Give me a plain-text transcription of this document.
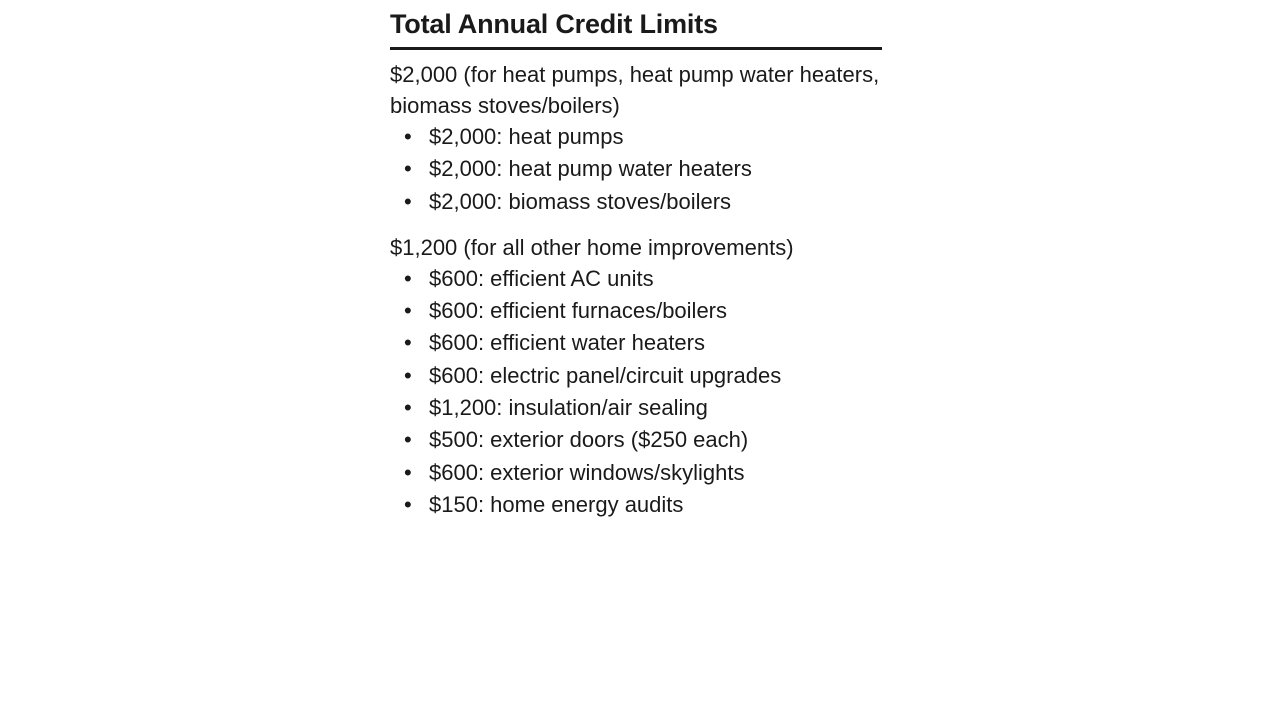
Total Annual Credit Limits

$2,000 (for heat pumps, heat pump water heaters, biomass stoves/boilers)

• $2,000: heat pumps
• $2,000: heat pump water heaters
• $2,000: biomass stoves/boilers

$1,200 (for all other home improvements)

• $600: efficient AC units
• $600: efficient furnaces/boilers
• $600: efficient water heaters
• $600: electric panel/circuit upgrades
• $1,200: insulation/air sealing
• $500: exterior doors ($250 each)
• $600: exterior windows/skylights
• $150: home energy audits
